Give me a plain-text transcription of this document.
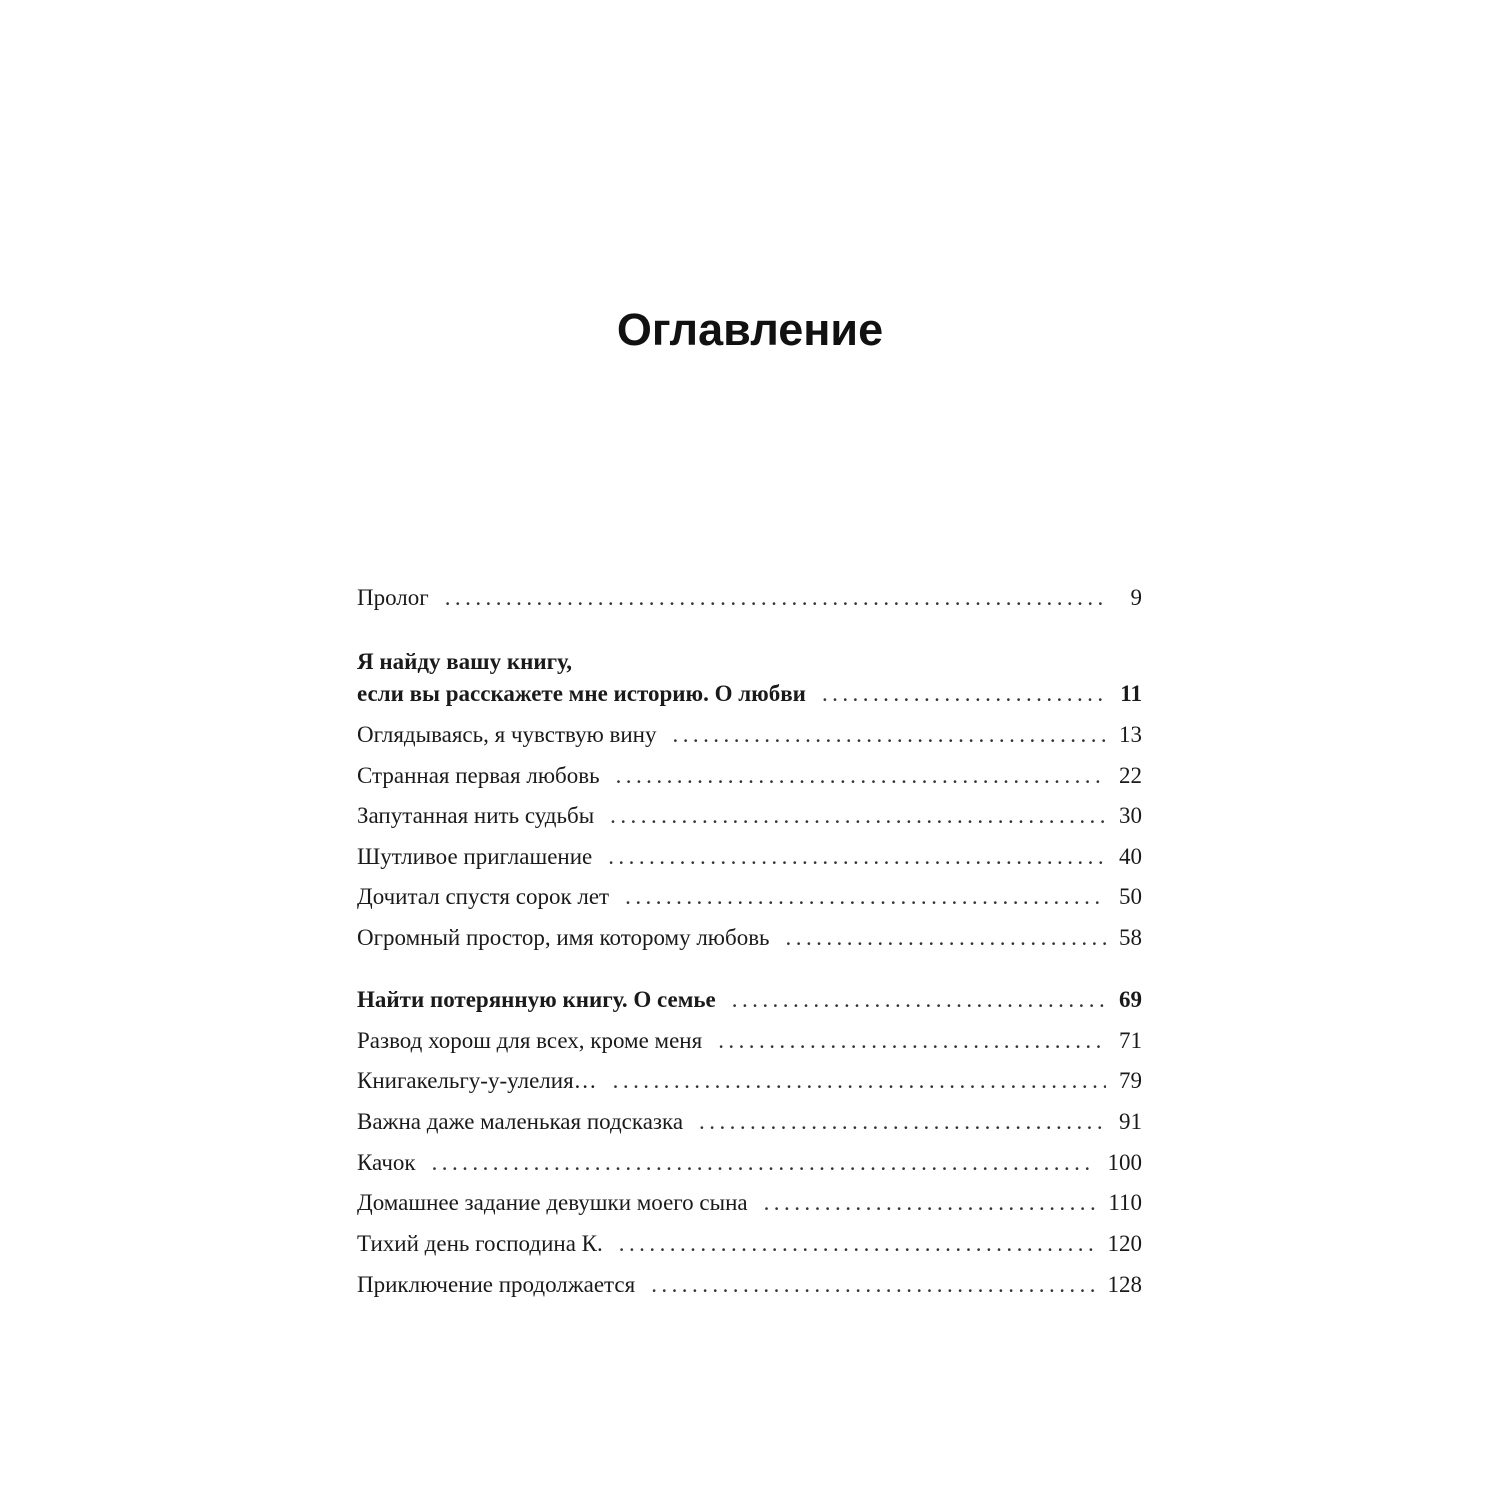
Оглавление
Пролог . . .	9
Я найду вашу книгу,
если вы расскажете мне историю. О любви . . .	11
Оглядываясь, я чувствую вину . . .	13
Странная первая любовь . . .	22
Запутанная нить судьбы . . .	30
Шутливое приглашение . . .	40
Дочитал спустя сорок лет . . .	50
Огромный простор, имя которому любовь . . .	58
Найти потерянную книгу. О семье . . .	69
Развод хорош для всех, кроме меня . . .	71
Книгакельгу-у-улелия… . . .	79
Важна даже маленькая подсказка . . .	91
Качок . . .	100
Домашнее задание девушки моего сына . . .	110
Тихий день господина К. . . .	120
Приключение продолжается . . .	128
